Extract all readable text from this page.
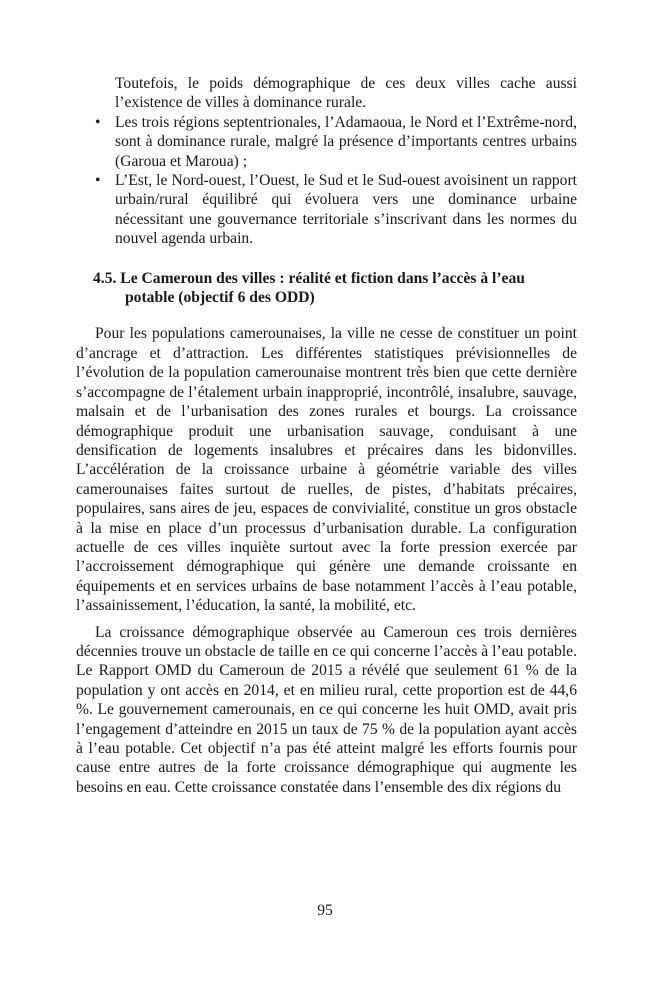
Toutefois, le poids démographique de ces deux villes cache aussi l’existence de villes à dominance rurale.

• Les trois régions septentrionales, l’Adamaoua, le Nord et l’Extrême-nord, sont à dominance rurale, malgré la présence d’importants centres urbains (Garoua et Maroua) ;
• L’Est, le Nord-ouest, l’Ouest, le Sud et le Sud-ouest avoisinent un rapport urbain/rural équilibré qui évoluera vers une dominance urbaine nécessitant une gouvernance territoriale s’inscrivant dans les normes du nouvel agenda urbain.
4.5. Le Cameroun des villes : réalité et fiction dans l’accès à l’eau potable (objectif 6 des ODD)

Pour les populations camerounaises, la ville ne cesse de constituer un point d’ancrage et d’attraction. Les différentes statistiques prévisionnelles de l’évolution de la population camerounaise montrent très bien que cette dernière s’accompagne de l’étalement urbain inapproprié, incontrôlé, insalubre, sauvage, malsain et de l’urbanisation des zones rurales et bourgs. La croissance démographique produit une urbanisation sauvage, conduisant à une densification de logements insalubres et précaires dans les bidonvilles. L’accélération de la croissance urbaine à géométrie variable des villes camerounaises faites surtout de ruelles, de pistes, d’habitats précaires, populaires, sans aires de jeu, espaces de convivialité, constitue un gros obstacle à la mise en place d’un processus d’urbanisation durable. La configuration actuelle de ces villes inquiète surtout avec la forte pression exercée par l’accroissement démographique qui génère une demande croissante en équipements et en services urbains de base notamment l’accès à l’eau potable, l’assainissement, l’éducation, la santé, la mobilité, etc.

La croissance démographique observée au Cameroun ces trois dernières décennies trouve un obstacle de taille en ce qui concerne l’accès à l’eau potable. Le Rapport OMD du Cameroun de 2015 a révélé que seulement 61 % de la population y ont accès en 2014, et en milieu rural, cette proportion est de 44,6 %. Le gouvernement camerounais, en ce qui concerne les huit OMD, avait pris l’engagement d’atteindre en 2015 un taux de 75 % de la population ayant accès à l’eau potable. Cet objectif n’a pas été atteint malgré les efforts fournis pour cause entre autres de la forte croissance démographique qui augmente les besoins en eau. Cette croissance constatée dans l’ensemble des dix régions du

95
